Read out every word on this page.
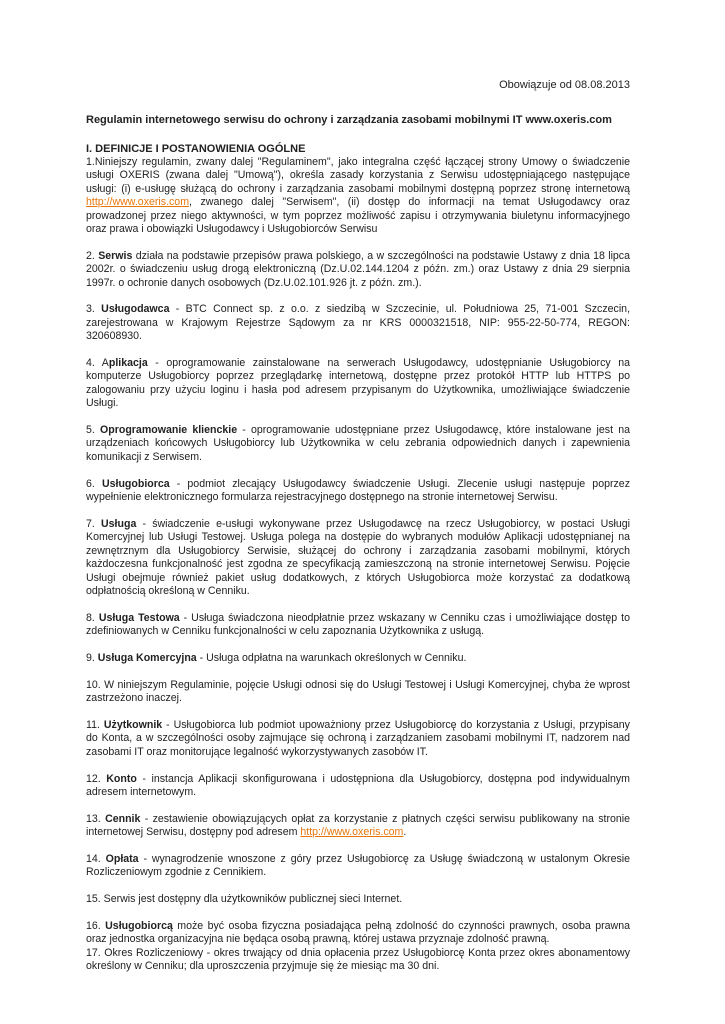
Obowiązuje od 08.08.2013
Regulamin internetowego serwisu do ochrony i zarządzania zasobami mobilnymi IT www.oxeris.com
I. DEFINICJE I POSTANOWIENIA OGÓLNE

1.Niniejszy regulamin, zwany dalej "Regulaminem", jako integralna część łączącej strony Umowy o świadczenie usługi OXERIS (zwana dalej "Umową"), określa zasady korzystania z Serwisu udostępniającego następujące usługi: (i) e-usługę służącą do ochrony i zarządzania zasobami mobilnymi dostępną poprzez stronę internetową http://www.oxeris.com, zwanego dalej "Serwisem", (ii) dostęp do informacji na temat Usługodawcy oraz prowadzonej przez niego aktywności, w tym poprzez możliwość zapisu i otrzymywania biuletynu informacyjnego oraz prawa i obowiązki Usługodawcy i Usługobiorców Serwisu

2. Serwis działa na podstawie przepisów prawa polskiego, a w szczególności na podstawie Ustawy z dnia 18 lipca 2002r. o świadczeniu usług drogą elektroniczną (Dz.U.02.144.1204 z późn. zm.) oraz Ustawy z dnia 29 sierpnia 1997r. o ochronie danych osobowych (Dz.U.02.101.926 jt. z późn. zm.).

3. Usługodawca - BTC Connect sp. z o.o. z siedzibą w Szczecinie, ul. Południowa 25, 71-001 Szczecin, zarejestrowana w Krajowym Rejestrze Sądowym za nr KRS 0000321518, NIP: 955-22-50-774, REGON: 320608930.

4. Aplikacja - oprogramowanie zainstalowane na serwerach Usługodawcy, udostępnianie Usługobiorcy na komputerze Usługobiorcy poprzez przeglądarkę internetową, dostępne przez protokół HTTP lub HTTPS po zalogowaniu przy użyciu loginu i hasła pod adresem przypisanym do Użytkownika, umożliwiające świadczenie Usługi.

5. Oprogramowanie klienckie - oprogramowanie udostępniane przez Usługodawcę, które instalowane jest na urządzeniach końcowych Usługobiorcy lub Użytkownika w celu zebrania odpowiednich danych i zapewnienia komunikacji z Serwisem.

6. Usługobiorca - podmiot zlecający Usługodawcy świadczenie Usługi. Zlecenie usługi następuje poprzez wypełnienie elektronicznego formularza rejestracyjnego dostępnego na stronie internetowej Serwisu.

7. Usługa - świadczenie e-usługi wykonywane przez Usługodawcę na rzecz Usługobiorcy, w postaci Usługi Komercyjnej lub Usługi Testowej. Usługa polega na dostępie do wybranych modułów Aplikacji udostępnianej na zewnętrznym dla Usługobiorcy Serwisie, służącej do ochrony i zarządzania zasobami mobilnymi, których każdoczesna funkcjonalność jest zgodna ze specyfikacją zamieszczoną na stronie internetowej Serwisu. Pojęcie Usługi obejmuje również pakiet usług dodatkowych, z których Usługobiorca może korzystać za dodatkową odpłatnością określoną w Cenniku.

8. Usługa Testowa - Usługa świadczona nieodpłatnie przez wskazany w Cenniku czas i umożliwiające dostęp to zdefiniowanych w Cenniku funkcjonalności w celu zapoznania Użytkownika z usługą.

9. Usługa Komercyjna - Usługa odpłatna na warunkach określonych w Cenniku.

10. W niniejszym Regulaminie, pojęcie Usługi odnosi się do Usługi Testowej i Usługi Komercyjnej, chyba że wprost zastrzeżono inaczej.

11. Użytkownik - Usługobiorca lub podmiot upoważniony przez Usługobiorcę do korzystania z Usługi, przypisany do Konta, a w szczególności osoby zajmujące się ochroną i zarządzaniem zasobami mobilnymi IT, nadzorem nad zasobami IT oraz monitorujące legalność wykorzystywanych zasobów IT.

12. Konto - instancja Aplikacji skonfigurowana i udostępniona dla Usługobiorcy, dostępna pod indywidualnym adresem internetowym.

13. Cennik - zestawienie obowiązujących opłat za korzystanie z płatnych części serwisu publikowany na stronie internetowej Serwisu, dostępny pod adresem http://www.oxeris.com.

14. Opłata - wynagrodzenie wnoszone z góry przez Usługobiorcę za Usługę świadczoną w ustalonym Okresie Rozliczeniowym zgodnie z Cennikiem.

15. Serwis jest dostępny dla użytkowników publicznej sieci Internet.

16. Usługobiorcą może być osoba fizyczna posiadająca pełną zdolność do czynności prawnych, osoba prawna oraz jednostka organizacyjna nie będąca osobą prawną, której ustawa przyznaje zdolność prawną.

17. Okres Rozliczeniowy - okres trwający od dnia opłacenia przez Usługobiorcę Konta przez okres abonamentowy określony w Cenniku; dla uproszczenia przyjmuje się że miesiąc ma 30 dni.
